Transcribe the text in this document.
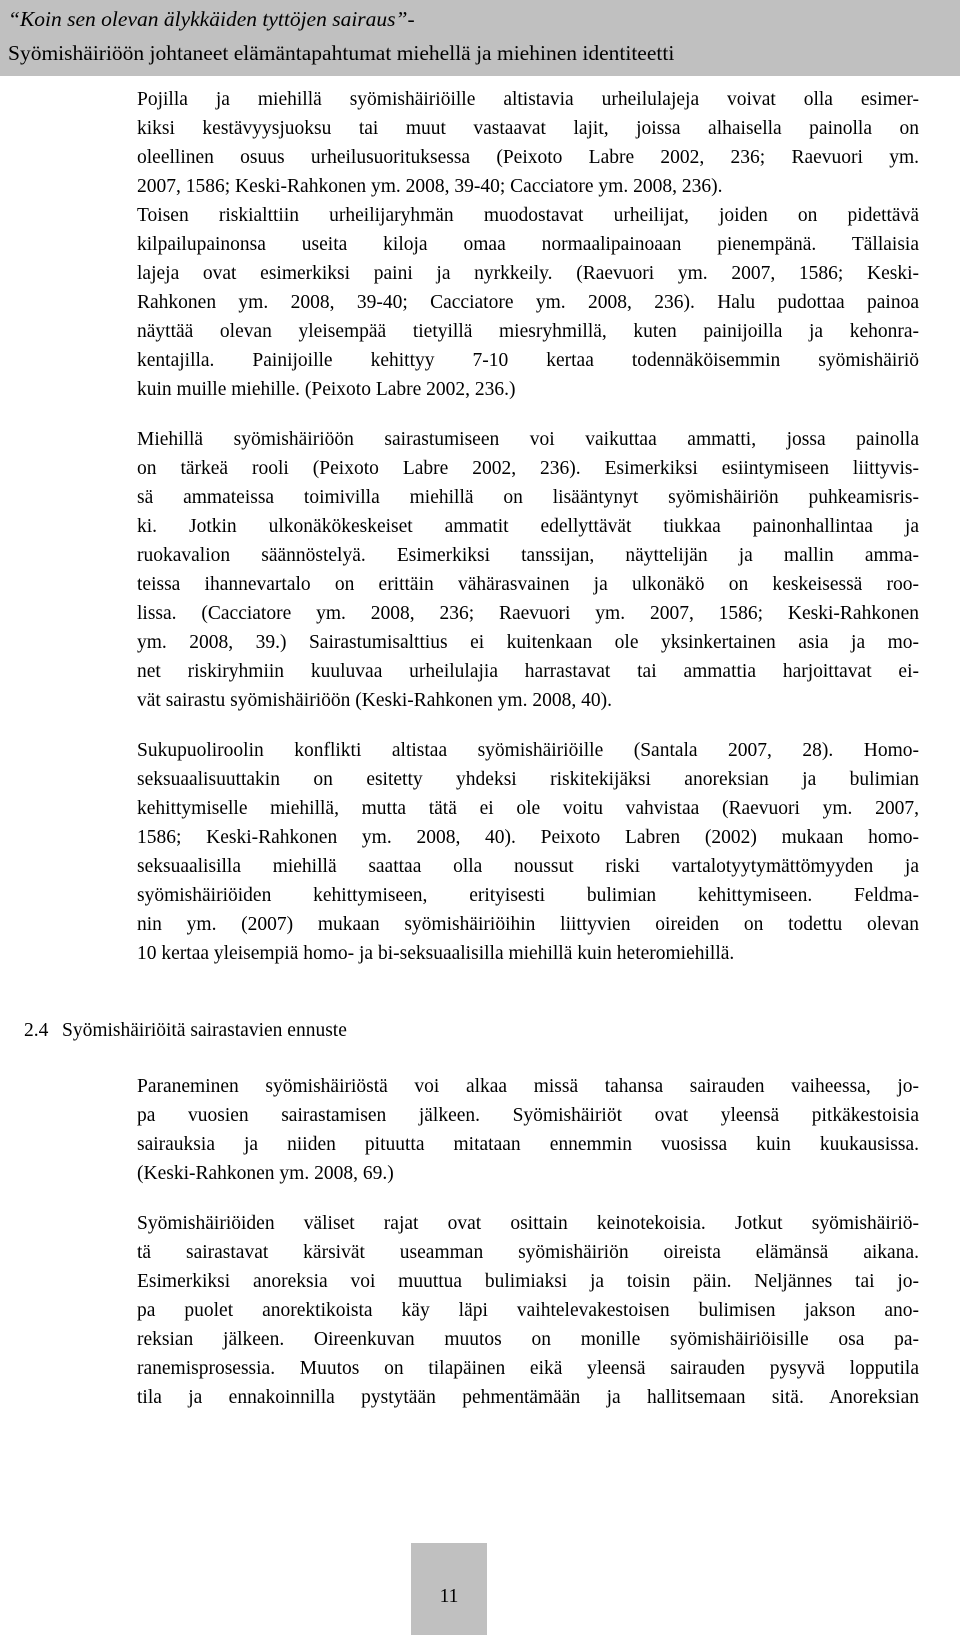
“Koin sen olevan älykkäiden tyttöjen sairaus”-
Syömishäiriöön johtaneet elämäntapahtumat miehellä ja miehinen identiteetti
Pojilla ja miehillä syömishäiriöille altistavia urheilulajeja voivat olla esimer-
kiksi kestävyysjuoksu tai muut vastaavat lajit, joissa alhaisella painolla on
oleellinen osuus urheilusuorituksessa (Peixoto Labre 2002, 236; Raevuori ym.
2007, 1586; Keski-Rahkonen ym. 2008, 39-40; Cacciatore ym. 2008, 236).
Toisen riskialttiin urheilijaryhmän muodostavat urheilijat, joiden on pidettävä
kilpailupainonsa useita kiloja omaa normaalipainoaan pienempänä. Tällaisia
lajeja ovat esimerkiksi paini ja nyrkkeily. (Raevuori ym. 2007, 1586; Keski-
Rahkonen ym. 2008, 39-40; Cacciatore ym. 2008, 236). Halu pudottaa painoa
näyttää olevan yleisempää tietyillä miesryhmillä, kuten painijoilla ja kehonra-
kentajilla. Painijoille kehittyy 7-10 kertaa todennäköisemmin syömishäiriö
kuin muille miehille. (Peixoto Labre 2002, 236.)
Miehillä syömishäiriöön sairastumiseen voi vaikuttaa ammatti, jossa painolla
on tärkeä rooli (Peixoto Labre 2002, 236). Esimerkiksi esiintymiseen liittyvis-
sä ammateissa toimivilla miehillä on lisääntynyt syömishäiriön puhkeamisris-
ki. Jotkin ulkonäkökeskeiset ammatit edellyttävät tiukkaa painonhallintaa ja
ruokavalion säännöstelyä. Esimerkiksi tanssijan, näyttelijän ja mallin amma-
teissa ihannevartalo on erittäin vähärasvainen ja ulkonäkö on keskeisessä roo-
lissa. (Cacciatore ym. 2008, 236; Raevuori ym. 2007, 1586; Keski-Rahkonen
ym. 2008, 39.) Sairastumisalttius ei kuitenkaan ole yksinkertainen asia ja mo-
net riskiryhmiin kuuluvaa urheilulajia harrastavat tai ammattia harjoittavat ei-
vät sairastu syömishäiriöön (Keski-Rahkonen ym. 2008, 40).
Sukupuoliroolin konflikti altistaa syömishäiriöille (Santala 2007, 28). Homo-
seksuaalisuuttakin on esitetty yhdeksi riskitekijäksi anoreksian ja bulimian
kehittymiselle miehillä, mutta tätä ei ole voitu vahvistaa (Raevuori ym. 2007,
1586; Keski-Rahkonen ym. 2008, 40). Peixoto Labren (2002) mukaan homo-
seksuaalisilla miehillä saattaa olla noussut riski vartalotyytymättömyyden ja
syömishäiriöiden kehittymiseen, erityisesti bulimian kehittymiseen. Feldma-
nin ym. (2007) mukaan syömishäiriöihin liittyvien oireiden on todettu olevan
10 kertaa yleisempiä homo- ja bi-seksuaalisilla miehillä kuin heteromiehillä.
2.4 Syömishäiriöitä sairastavien ennuste
Paraneminen syömishäiriöstä voi alkaa missä tahansa sairauden vaiheessa, jo-
pa vuosien sairastamisen jälkeen. Syömishäiriöt ovat yleensä pitkäkestoisia
sairauksia ja niiden pituutta mitataan ennemmin vuosissa kuin kuukausissa.
(Keski-Rahkonen ym. 2008, 69.)
Syömishäiriöiden väliset rajat ovat osittain keinotekoisia. Jotkut syömishäiriö-
tä sairastavat kärsivät useamman syömishäiriön oireista elämänsä aikana.
Esimerkiksi anoreksia voi muuttua bulimiaksi ja toisin päin. Neljännes tai jo-
pa puolet anorektikoista käy läpi vaihtelevakestoisen bulimisen jakson ano-
reksian jälkeen. Oireenkuvan muutos on monille syömishäiriöisille osa pa-
ranemisprosessia. Muutos on tilapäinen eikä yleensä sairauden pysyvä lopputila
tila ja ennakoinnilla pystytään pehmentämään ja hallitsemaan sitä. Anoreksian
11
